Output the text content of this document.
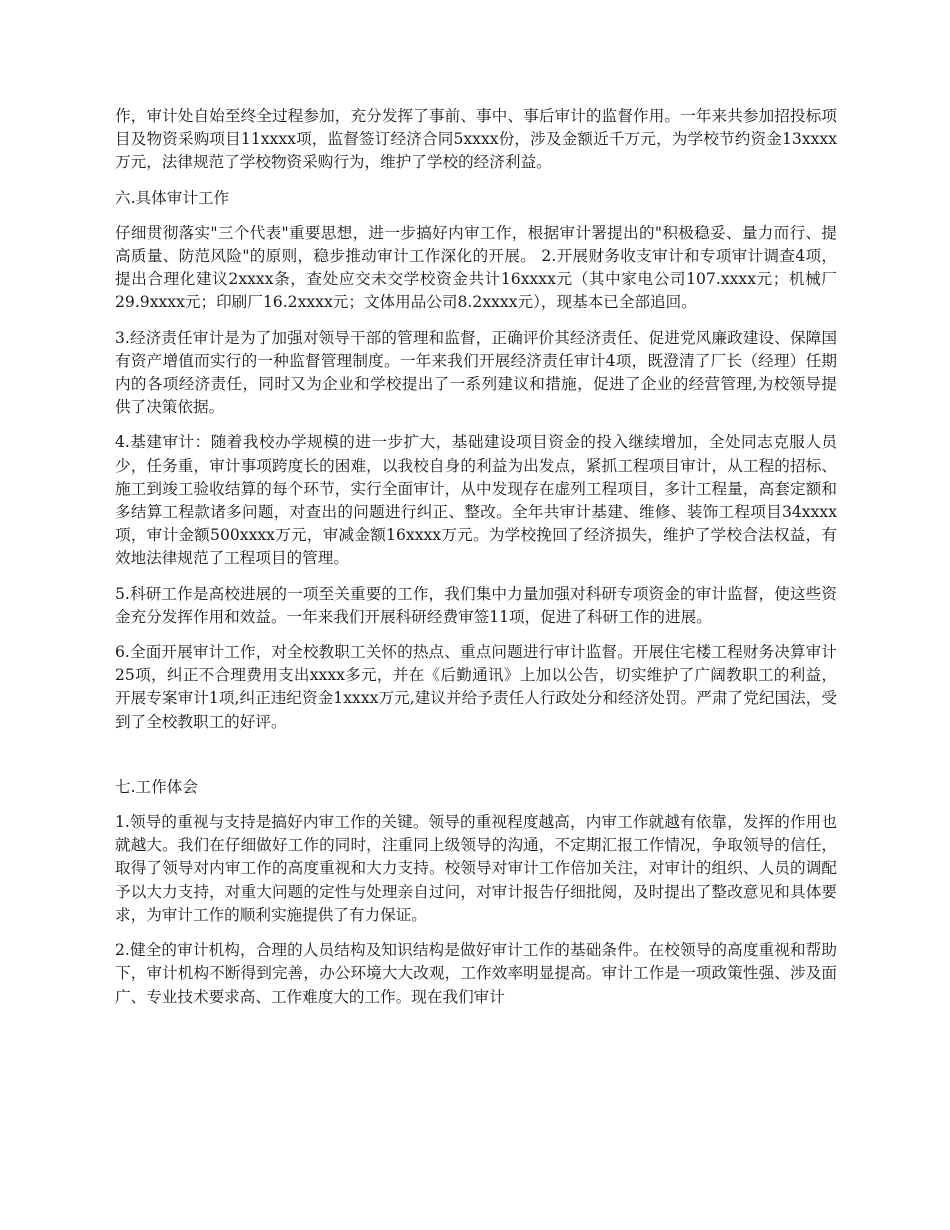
作，审计处自始至终全过程参加，充分发挥了事前、事中、事后审计的监督作用。一年来共参加招投标项目及物资采购项目11xxxx项，监督签订经济合同5xxxx份，涉及金额近千万元，为学校节约资金13xxxx万元，法律规范了学校物资采购行为，维护了学校的经济利益。

六.具体审计工作

仔细贯彻落实"三个代表"重要思想，进一步搞好内审工作，根据审计署提出的"积极稳妥、量力而行、提高质量、防范风险"的原则，稳步推动审计工作深化的开展。 2.开展财务收支审计和专项审计调查4项，提出合理化建议2xxxx条，查处应交未交学校资金共计16xxxx元（其中家电公司107.xxxx元；机械厂29.9xxxx元；印刷厂16.2xxxx元；文体用品公司8.2xxxx元），现基本已全部追回。

3.经济责任审计是为了加强对领导干部的管理和监督，正确评价其经济责任、促进党风廉政建设、保障国有资产增值而实行的一种监督管理制度。一年来我们开展经济责任审计4项，既澄清了厂长（经理）任期内的各项经济责任，同时又为企业和学校提出了一系列建议和措施，促进了企业的经营管理,为校领导提供了决策依据。

4.基建审计：随着我校办学规模的进一步扩大，基础建设项目资金的投入继续增加，全处同志克服人员少，任务重，审计事项跨度长的困难，以我校自身的利益为出发点，紧抓工程项目审计，从工程的招标、施工到竣工验收结算的每个环节，实行全面审计，从中发现存在虚列工程项目，多计工程量，高套定额和多结算工程款诸多问题，对查出的问题进行纠正、整改。全年共审计基建、维修、装饰工程项目34xxxx项，审计金额500xxxx万元，审减金额16xxxx万元。为学校挽回了经济损失，维护了学校合法权益，有效地法律规范了工程项目的管理。

5.科研工作是高校进展的一项至关重要的工作，我们集中力量加强对科研专项资金的审计监督，使这些资金充分发挥作用和效益。一年来我们开展科研经费审签11项，促进了科研工作的进展。

6.全面开展审计工作，对全校教职工关怀的热点、重点问题进行审计监督。开展住宅楼工程财务决算审计25项，纠正不合理费用支出xxxx多元，并在《后勤通讯》上加以公告，切实维护了广阔教职工的利益，开展专案审计1项,纠正违纪资金1xxxx万元,建议并给予责任人行政处分和经济处罚。严肃了党纪国法，受到了全校教职工的好评。

七.工作体会

1.领导的重视与支持是搞好内审工作的关键。领导的重视程度越高，内审工作就越有依靠，发挥的作用也就越大。我们在仔细做好工作的同时，注重同上级领导的沟通，不定期汇报工作情况，争取领导的信任，取得了领导对内审工作的高度重视和大力支持。校领导对审计工作倍加关注，对审计的组织、人员的调配予以大力支持，对重大问题的定性与处理亲自过问，对审计报告仔细批阅，及时提出了整改意见和具体要求，为审计工作的顺利实施提供了有力保证。

2.健全的审计机构，合理的人员结构及知识结构是做好审计工作的基础条件。在校领导的高度重视和帮助下，审计机构不断得到完善，办公环境大大改观，工作效率明显提高。审计工作是一项政策性强、涉及面广、专业技术要求高、工作难度大的工作。现在我们审计
